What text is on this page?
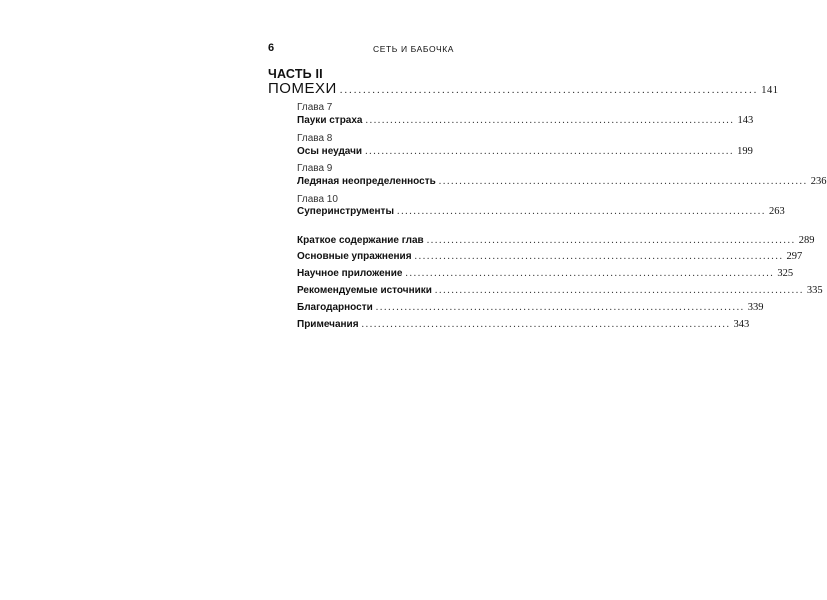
6	СЕТЬ И БАБОЧКА
ЧАСТЬ II
ПОМЕХИ .......................................................................................... 141
Глава 7
Пауки страха .......................................................................................... 143
Глава 8
Осы неудачи .......................................................................................... 199
Глава 9
Ледяная неопределенность .......................................................................................... 236
Глава 10
Суперинструменты .......................................................................................... 263
Краткое содержание глав .......................................................................................... 289
Основные упражнения .......................................................................................... 297
Научное приложение .......................................................................................... 325
Рекомендуемые источники .......................................................................................... 335
Благодарности .......................................................................................... 339
Примечания .......................................................................................... 343
